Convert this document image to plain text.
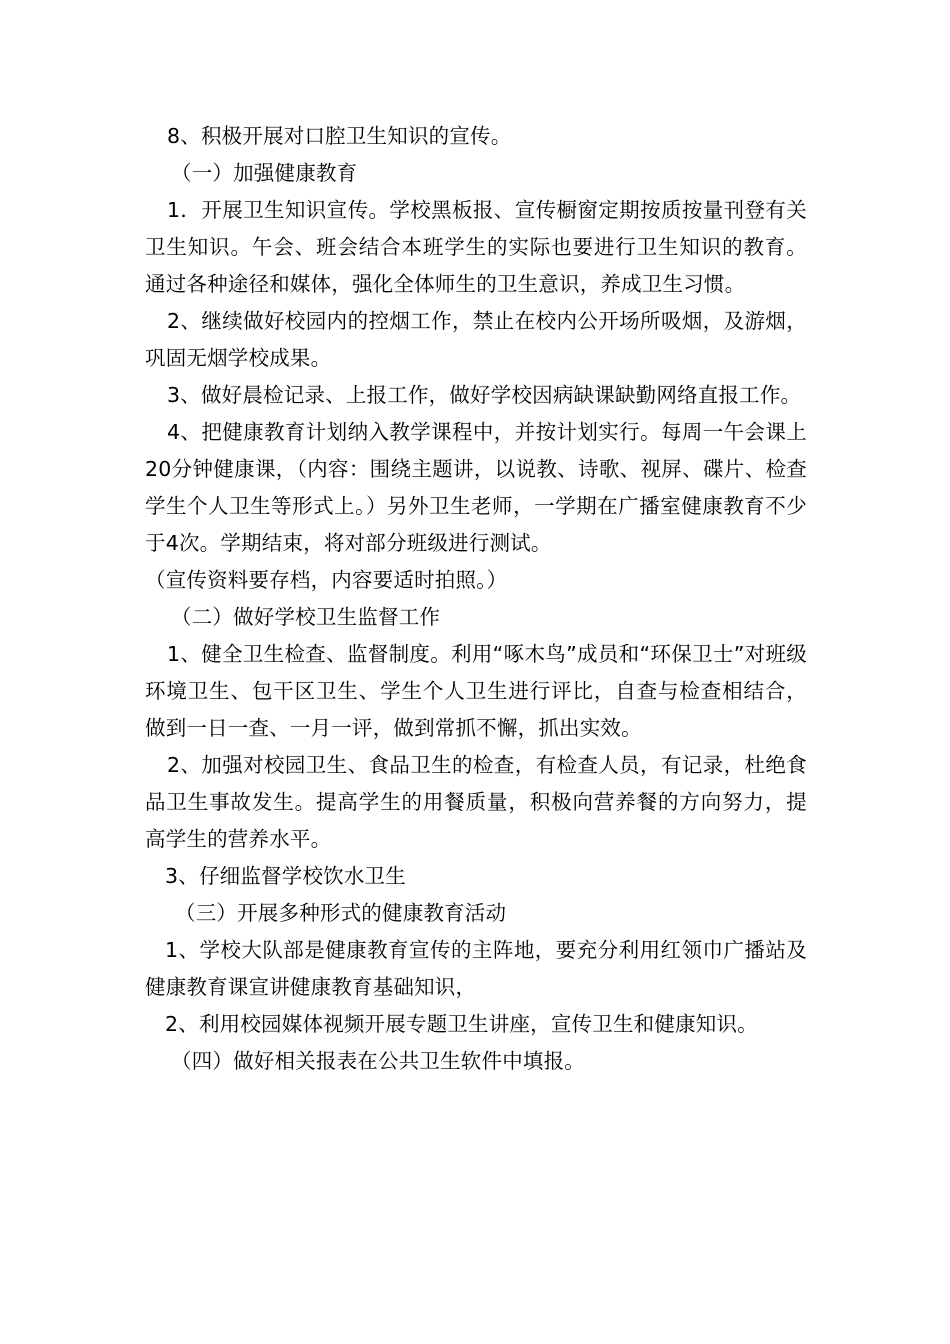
8、积极开展对口腔卫生知识的宣传。

（一）加强健康教育

1．开展卫生知识宣传。学校黑板报、宣传橱窗定期按质按量刊登有关卫生知识。午会、班会结合本班学生的实际也要进行卫生知识的教育。通过各种途径和媒体，强化全体师生的卫生意识，养成卫生习惯。

2、继续做好校园内的控烟工作，禁止在校内公开场所吸烟，及游烟，巩固无烟学校成果。

3、做好晨检记录、上报工作，做好学校因病缺课缺勤网络直报工作。

4、把健康教育计划纳入教学课程中，并按计划实行。每周一午会课上20分钟健康课，（内容：围绕主题讲，以说教、诗歌、视屏、碟片、检查学生个人卫生等形式上。）另外卫生老师，一学期在广播室健康教育不少于4次。学期结束，将对部分班级进行测试。

（宣传资料要存档，内容要适时拍照。）

（二）做好学校卫生监督工作

1、健全卫生检查、监督制度。利用“啄木鸟”成员和“环保卫士”对班级环境卫生、包干区卫生、学生个人卫生进行评比，自查与检查相结合，做到一日一查、一月一评，做到常抓不懈，抓出实效。

2、加强对校园卫生、食品卫生的检查，有检查人员，有记录，杜绝食品卫生事故发生。提高学生的用餐质量，积极向营养餐的方向努力，提高学生的营养水平。

3、仔细监督学校饮水卫生

（三）开展多种形式的健康教育活动

1、学校大队部是健康教育宣传的主阵地，要充分利用红领巾广播站及健康教育课宣讲健康教育基础知识，

2、利用校园媒体视频开展专题卫生讲座，宣传卫生和健康知识。

（四）做好相关报表在公共卫生软件中填报。
